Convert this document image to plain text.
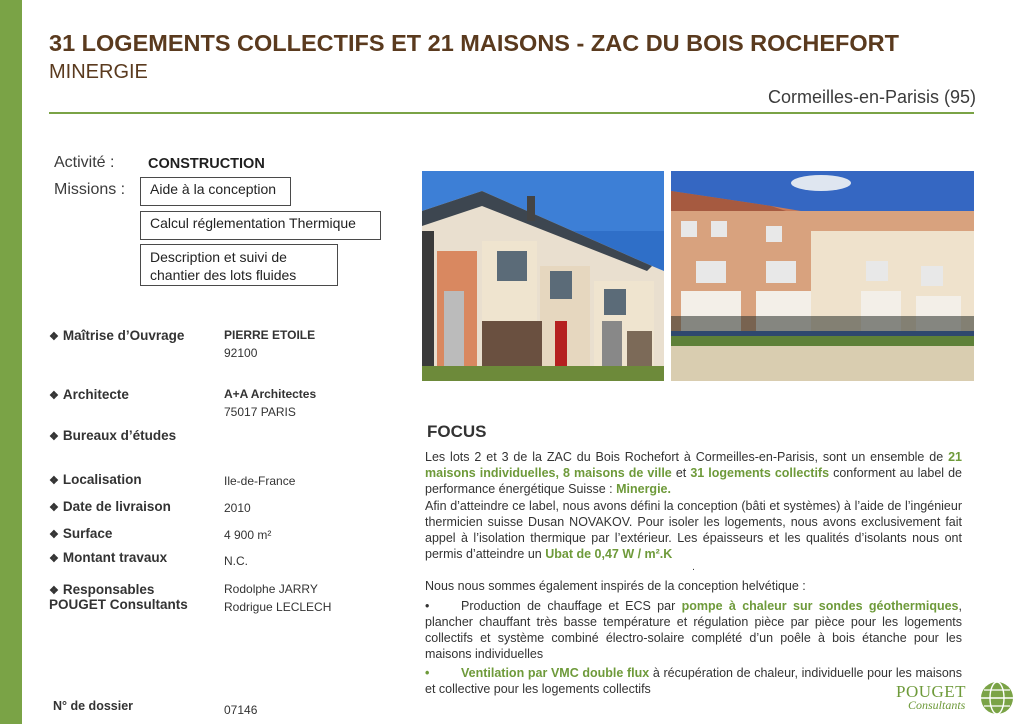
31 LOGEMENTS COLLECTIFS ET 21 MAISONS - ZAC DU BOIS ROCHEFORT
MINERGIE
Cormeilles-en-Parisis (95)
Activité : CONSTRUCTION
Missions :	Aide à la conception
Calcul réglementation Thermique
Description et suivi de chantier des lots fluides
❖ Maîtrise d’Ouvrage	PIERRE ETOILE
92100
❖ Architecte	A+A Architectes
75017 PARIS
❖ Bureaux d’études
❖ Localisation	Ile-de-France
❖ Date de livraison	2010
❖ Surface	4 900 m²
❖ Montant travaux	N.C.
❖ Responsables
POUGET Consultants
Rodolphe JARRY
Rodrigue LECLECH
N° de dossier	07146
FOCUS

Les lots 2 et 3 de la ZAC du Bois Rochefort à Cormeilles-en-Parisis, sont un ensemble de 21 maisons individuelles, 8 maisons de ville et 31 logements collectifs conforment au label de performance énergétique Suisse : Minergie.

Afin d’atteindre ce label, nous avons défini la conception (bâti et systèmes) à l’aide de l’ingénieur thermicien suisse Dusan NOVAKOV. Pour isoler les logements, nous avons exclusivement fait appel à l’isolation thermique par l’extérieur. Les épaisseurs et les qualités d’isolants nous ont permis d’atteindre un Ubat de 0,47 W / m².K

.

Nous nous sommes également inspirés de la conception helvétique :

•	Production de chauffage et ECS par pompe à chaleur sur sondes géothermiques, plancher chauffant très basse température et régulation pièce par pièce pour les logements collectifs et système combiné électro-solaire complété d’un poêle à bois étanche pour les maisons individuelles

•	Ventilation par VMC double flux à récupération de chaleur, individuelle pour les maisons et collective pour les logements collectifs	POUGET
Consultants
